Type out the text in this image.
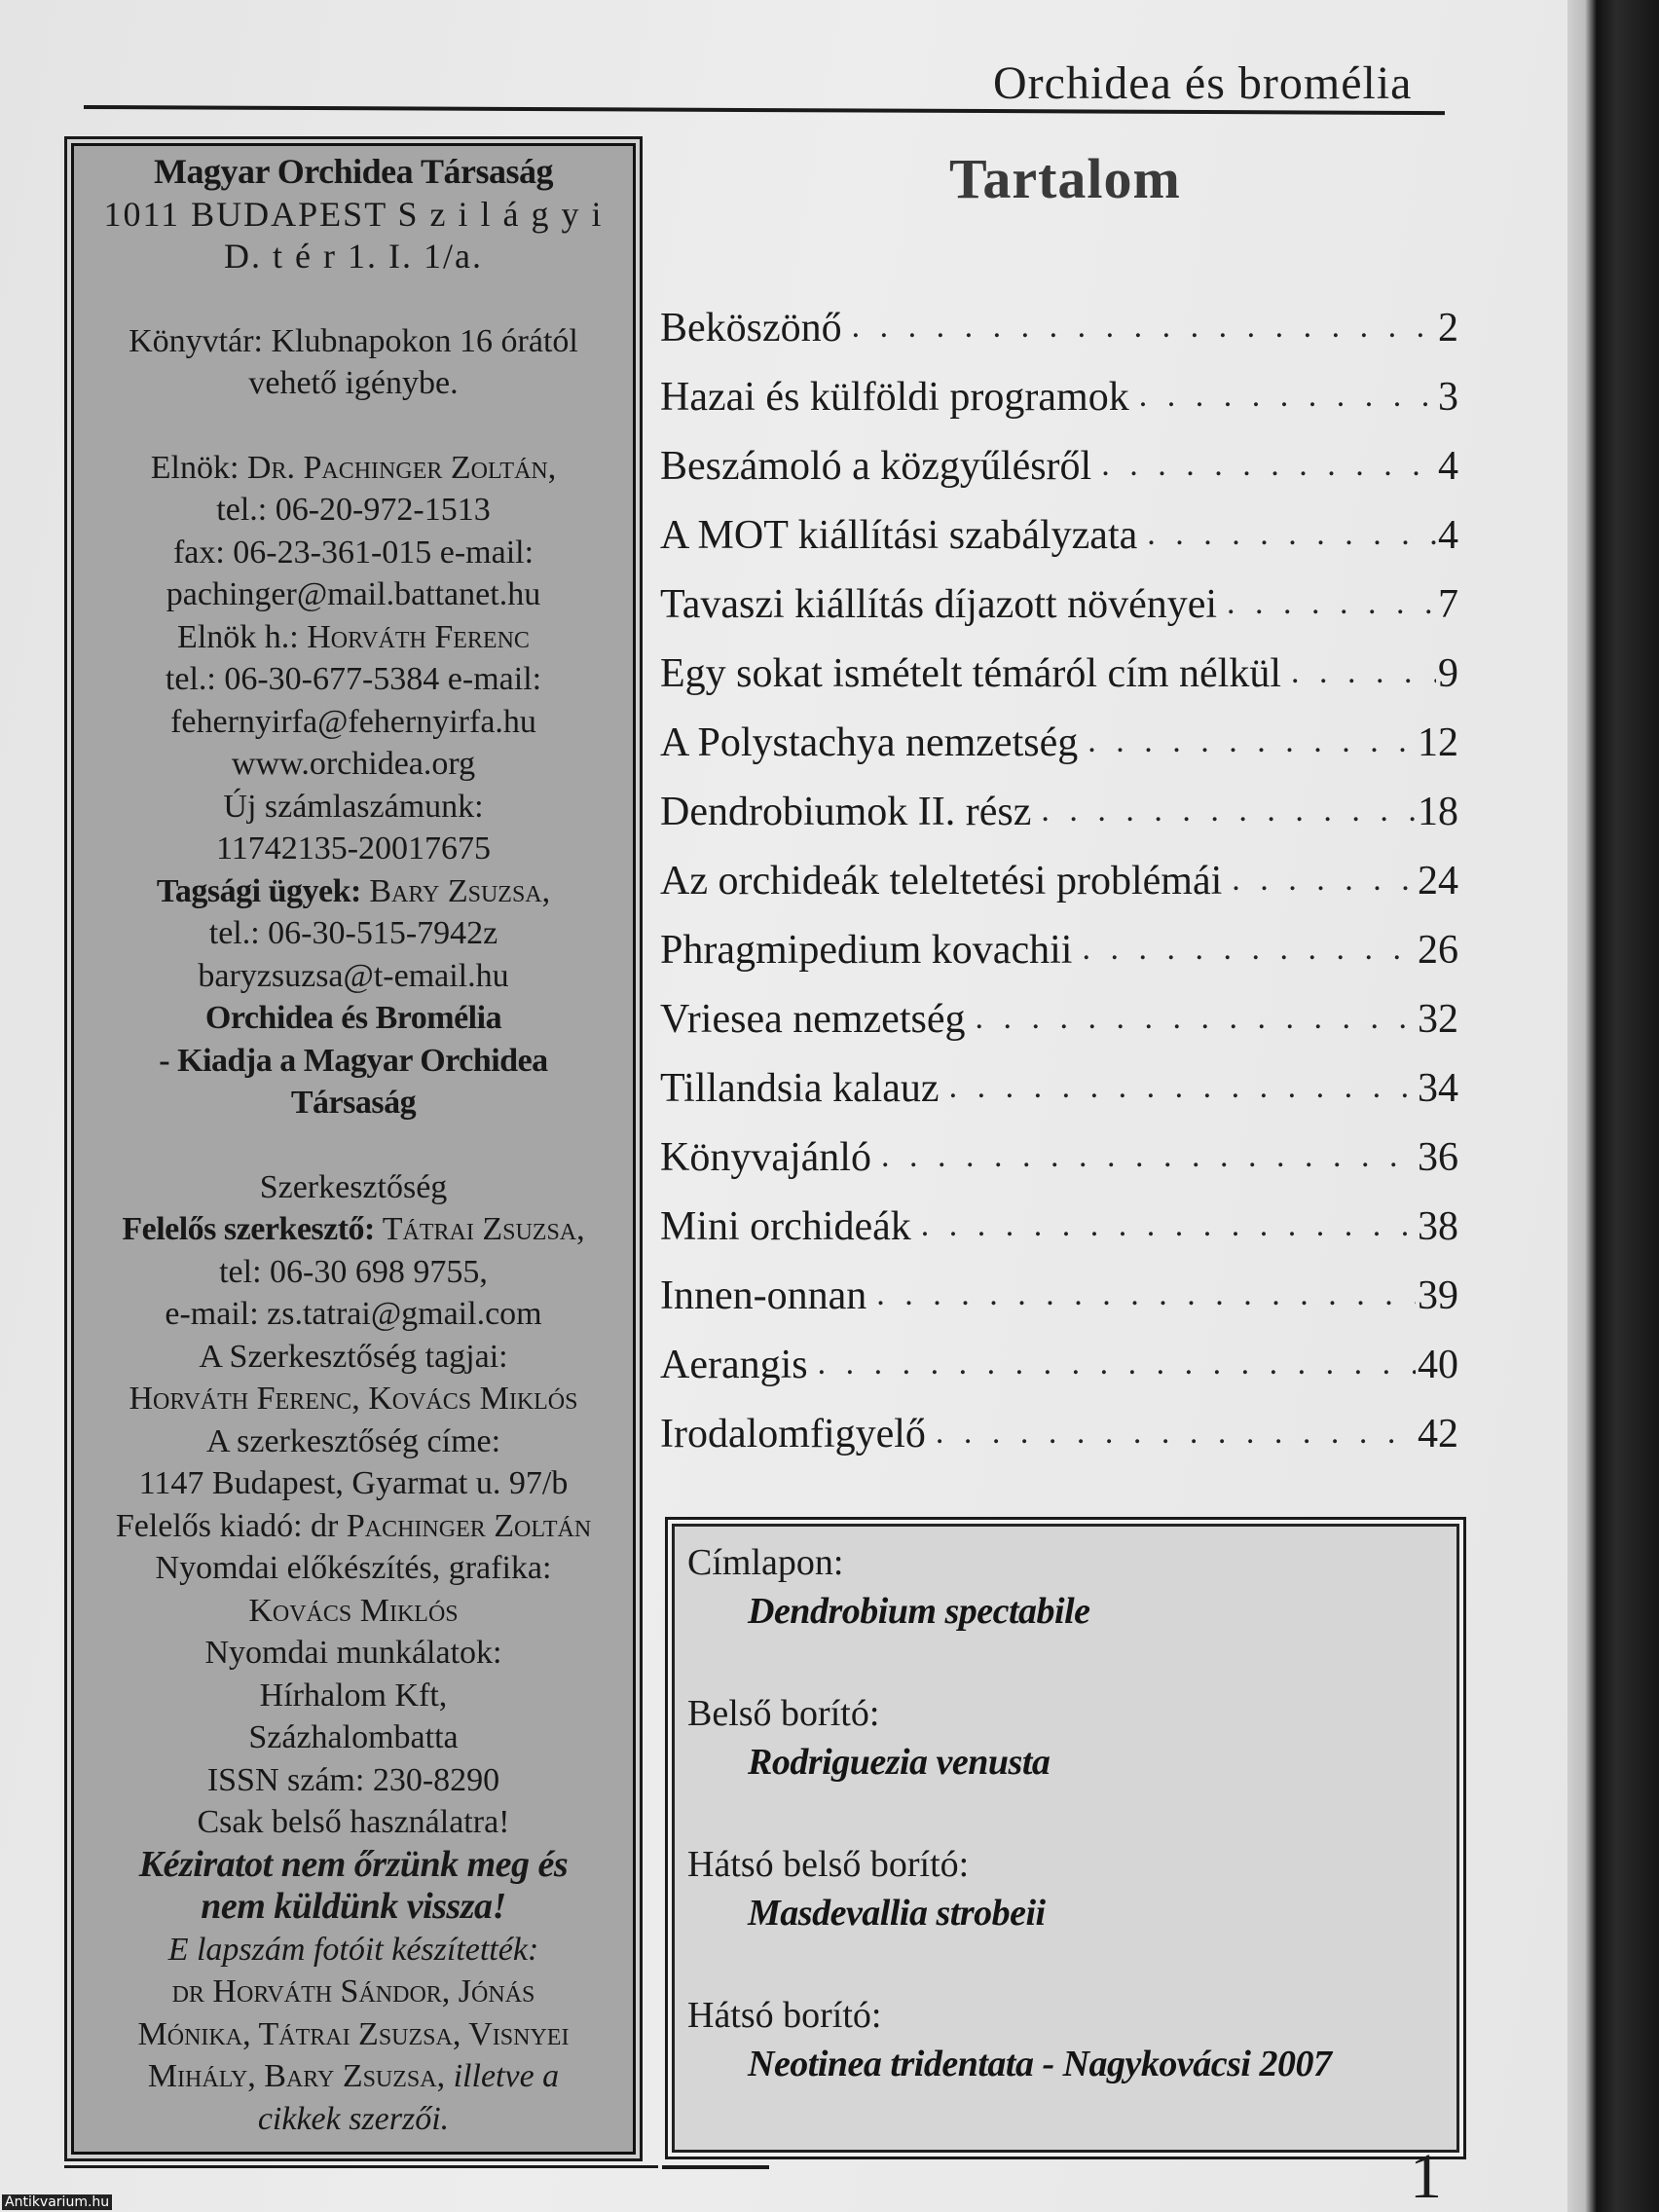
Orchidea és bromélia
Magyar Orchidea Társaság
1011 BUDAPEST S z i l á g y i
D. t é r 1. I. 1/a.
Könyvtár: Klubnapokon 16 órától
vehető igénybe.
Elnök: Dr. Pachinger Zoltán,
tel.: 06-20-972-1513
fax: 06-23-361-015 e-mail:
pachinger@mail.battanet.hu
Elnök h.: Horváth Ferenc
tel.: 06-30-677-5384 e-mail:
fehernyirfa@fehernyirfa.hu
www.orchidea.org
Új számlaszámunk:
11742135-20017675
Tagsági ügyek: Bary Zsuzsa,
tel.: 06-30-515-7942z
baryzsuzsa@t-email.hu
Orchidea és Bromélia
- Kiadja a Magyar Orchidea
Társaság
Szerkesztőség
Felelős szerkesztő: Tátrai Zsuzsa,
tel: 06-30 698 9755,
e-mail: zs.tatrai@gmail.com
A Szerkesztőség tagjai:
Horváth Ferenc, Kovács Miklós
A szerkesztőség címe:
1147 Budapest, Gyarmat u. 97/b
Felelős kiadó: dr Pachinger Zoltán
Nyomdai előkészítés, grafika:
Kovács Miklós
Nyomdai munkálatok:
Hírhalom Kft,
Százhalombatta
ISSN szám: 230-8290
Csak belső használatra!
Kéziratot nem őrzünk meg és
nem küldünk vissza!
E lapszám fotóit készítették:
dr Horváth Sándor, Jónás
Mónika, Tátrai Zsuzsa, Visnyei
Mihály, Bary Zsuzsa, illetve a
cikkek szerzői.
Tartalom
Beköszönő . . .	2
Hazai és külföldi programok . . .	3
Beszámoló a közgyűlésről . . .	4
A MOT kiállítási szabályzata . . .	4
Tavaszi kiállítás díjazott növényei . . .	7
Egy sokat ismételt témáról cím nélkül . . .	9
A Polystachya nemzetség . . .	12
Dendrobiumok II. rész . . .	18
Az orchideák teleltetési problémái . . .	24
Phragmipedium kovachii . . .	26
Vriesea nemzetség . . .	32
Tillandsia kalauz . . .	34
Könyvajánló . . .	36
Mini orchideák . . .	38
Innen-onnan . . .	39
Aerangis . . .	40
Irodalomfigyelő . . .	42
Címlapon:
Dendrobium spectabile
Belső borító:
Rodriguezia venusta
Hátsó belső borító:
Masdevallia strobeii
Hátsó borító:
Neotinea tridentata - Nagykovácsi 2007
1
Antikvarium.hu
